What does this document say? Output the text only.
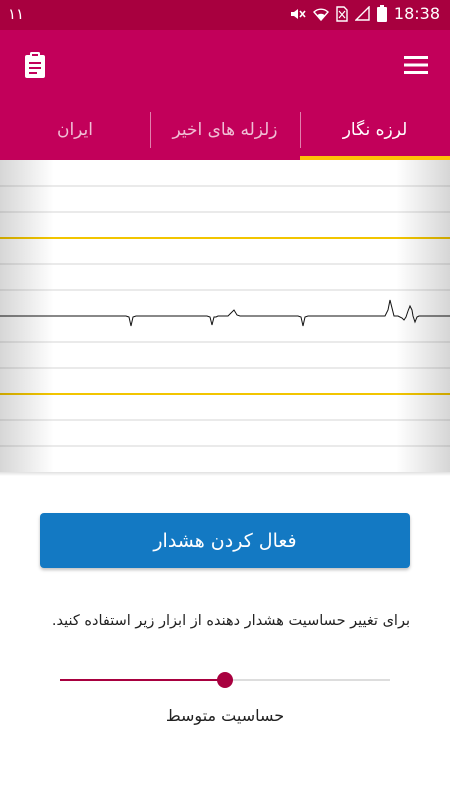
۱۱	18:38
ایران	زلزله های اخیر	لرزه نگار
فعال کردن هشدار
برای تغییر حساسیت هشدار دهنده از ابزار زیر استفاده کنید.
حساسیت متوسط
